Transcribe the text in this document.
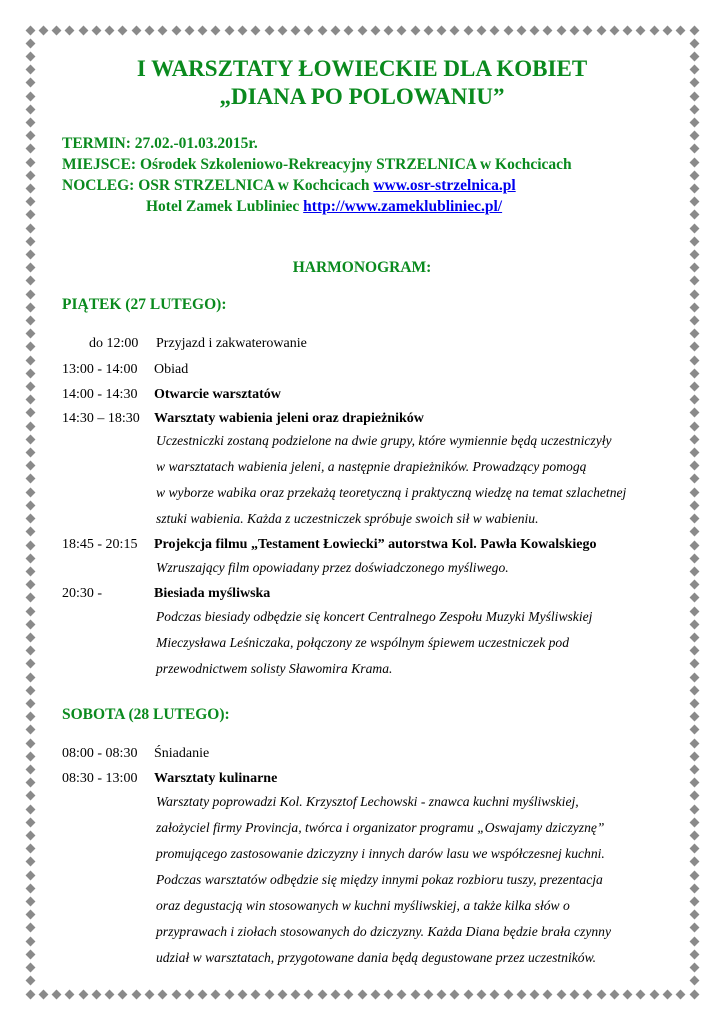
I WARSZTATY ŁOWIECKIE DLA KOBIET
„DIANA PO POLOWANIU”
TERMIN: 27.02.-01.03.2015r.
MIEJSCE: Ośrodek Szkoleniowo-Rekreacyjny STRZELNICA w Kochcicach
NOCLEG: OSR STRZELNICA w Kochcicach www.osr-strzelnica.pl
Hotel Zamek Lubliniec http://www.zameklubliniec.pl/
HARMONOGRAM:
PIĄTEK (27 LUTEGO):
do 12:00 Przyjazd i zakwaterowanie
13:00 - 14:00 Obiad
14:00 - 14:30 Otwarcie warsztatów
14:30 – 18:30 Warsztaty wabienia jeleni oraz drapieżników

Uczestniczki zostaną podzielone na dwie grupy, które wymiennie będą uczestniczyły

w warsztatach wabienia jeleni, a następnie drapieżników. Prowadzący pomogą

w wyborze wabika oraz przekażą teoretyczną i praktyczną wiedzę na temat szlachetnej

sztuki wabienia. Każda z uczestniczek spróbuje swoich sił w wabieniu.

18:45 - 20:15 Projekcja filmu „Testament Łowiecki” autorstwa Kol. Pawła Kowalskiego

Wzruszający film opowiadany przez doświadczonego myśliwego.

20:30 -	Biesiada myśliwska

Podczas biesiady odbędzie się koncert Centralnego Zespołu Muzyki Myśliwskiej

Mieczysława Leśniczaka, połączony ze wspólnym śpiewem uczestniczek pod

przewodnictwem solisty Sławomira Krama.

SOBOTA (28 LUTEGO):
08:00 - 08:30 Śniadanie
08:30 - 13:00 Warsztaty kulinarne

Warsztaty poprowadzi Kol. Krzysztof Lechowski - znawca kuchni myśliwskiej,

założyciel firmy Provincja, twórca i organizator programu „Oswajamy dziczyznę”

promującego zastosowanie dziczyzny i innych darów lasu we współczesnej kuchni.

Podczas warsztatów odbędzie się między innymi pokaz rozbioru tuszy, prezentacja

oraz degustacją win stosowanych w kuchni myśliwskiej, a także kilka słów o

przyprawach i ziołach stosowanych do dziczyzny. Każda Diana będzie brała czynny

udział w warsztatach, przygotowane dania będą degustowane przez uczestników.
